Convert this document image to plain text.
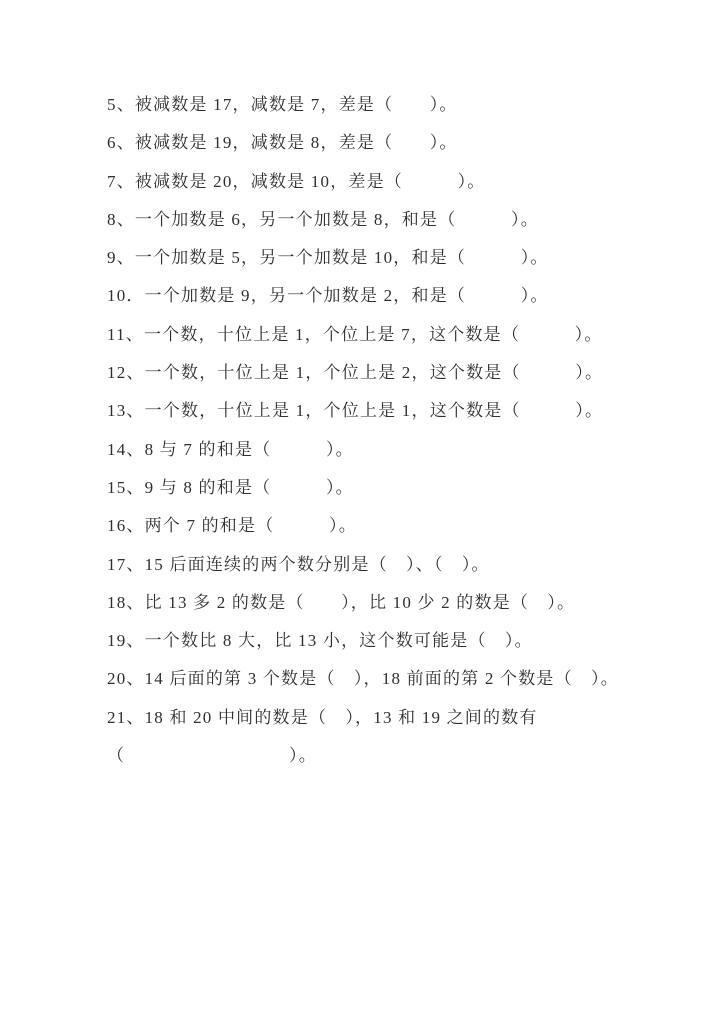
5、被减数是 17，减数是 7，差是（　　）。
6、被减数是 19，减数是 8，差是（　　）。
7、被减数是 20，减数是 10，差是（　　　）。
8、一个加数是 6，另一个加数是 8，和是（　　　）。
9、一个加数是 5，另一个加数是 10，和是（　　　）。
10．一个加数是 9，另一个加数是 2，和是（　　　）。
11、一个数，十位上是 1，个位上是 7，这个数是（　　　）。
12、一个数，十位上是 1，个位上是 2，这个数是（　　　）。
13、一个数，十位上是 1，个位上是 1，这个数是（　　　）。
14、8 与 7 的和是（　　　）。
15、9 与 8 的和是（　　　）。
16、两个 7 的和是（　　　）。
17、15 后面连续的两个数分别是（　）、（　）。
18、比 13 多 2 的数是（　　），比 10 少 2 的数是（　）。
19、一个数比 8 大，比 13 小，这个数可能是（　）。
20、14 后面的第 3 个数是（　），18 前面的第 2 个数是（　）。
21、18 和 20 中间的数是（　），13 和 19 之间的数有
（　　　　　　　　　）。
